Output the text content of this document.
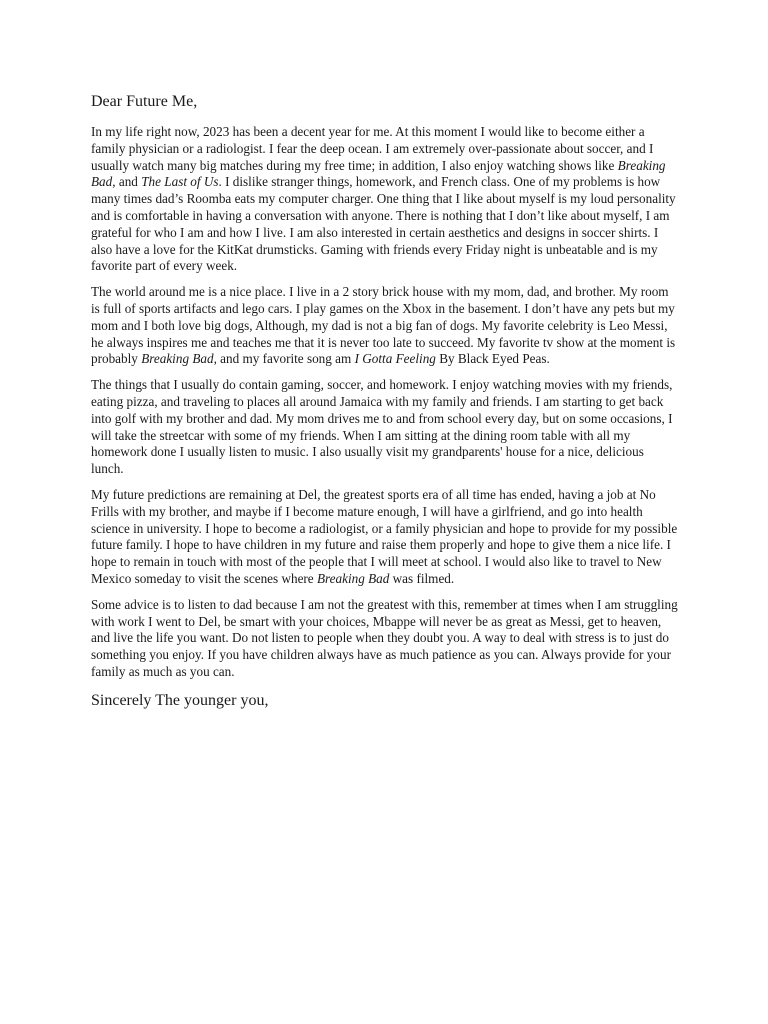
Dear Future Me,

In my life right now, 2023 has been a decent year for me. At this moment I would like to become either a family physician or a radiologist. I fear the deep ocean. I am extremely over-passionate about soccer, and I usually watch many big matches during my free time; in addition, I also enjoy watching shows like Breaking Bad, and The Last of Us. I dislike stranger things, homework, and French class. One of my problems is how many times dad’s Roomba eats my computer charger. One thing that I like about myself is my loud personality and is comfortable in having a conversation with anyone. There is nothing that I don’t like about myself, I am grateful for who I am and how I live. I am also interested in certain aesthetics and designs in soccer shirts. I also have a love for the KitKat drumsticks. Gaming with friends every Friday night is unbeatable and is my favorite part of every week.

The world around me is a nice place. I live in a 2 story brick house with my mom, dad, and brother. My room is full of sports artifacts and lego cars. I play games on the Xbox in the basement. I don’t have any pets but my mom and I both love big dogs, Although, my dad is not a big fan of dogs. My favorite celebrity is Leo Messi, he always inspires me and teaches me that it is never too late to succeed. My favorite tv show at the moment is probably Breaking Bad, and my favorite song am I Gotta Feeling By Black Eyed Peas.

The things that I usually do contain gaming, soccer, and homework. I enjoy watching movies with my friends, eating pizza, and traveling to places all around Jamaica with my family and friends. I am starting to get back into golf with my brother and dad. My mom drives me to and from school every day, but on some occasions, I will take the streetcar with some of my friends. When I am sitting at the dining room table with all my homework done I usually listen to music. I also usually visit my grandparents' house for a nice, delicious lunch.

My future predictions are remaining at Del, the greatest sports era of all time has ended, having a job at No Frills with my brother, and maybe if I become mature enough, I will have a girlfriend, and go into health science in university. I hope to become a radiologist, or a family physician and hope to provide for my possible future family. I hope to have children in my future and raise them properly and hope to give them a nice life. I hope to remain in touch with most of the people that I will meet at school. I would also like to travel to New Mexico someday to visit the scenes where Breaking Bad was filmed.

Some advice is to listen to dad because I am not the greatest with this, remember at times when I am struggling with work I went to Del, be smart with your choices, Mbappe will never be as great as Messi, get to heaven, and live the life you want. Do not listen to people when they doubt you. A way to deal with stress is to just do something you enjoy. If you have children always have as much patience as you can. Always provide for your family as much as you can.

Sincerely The younger you,
